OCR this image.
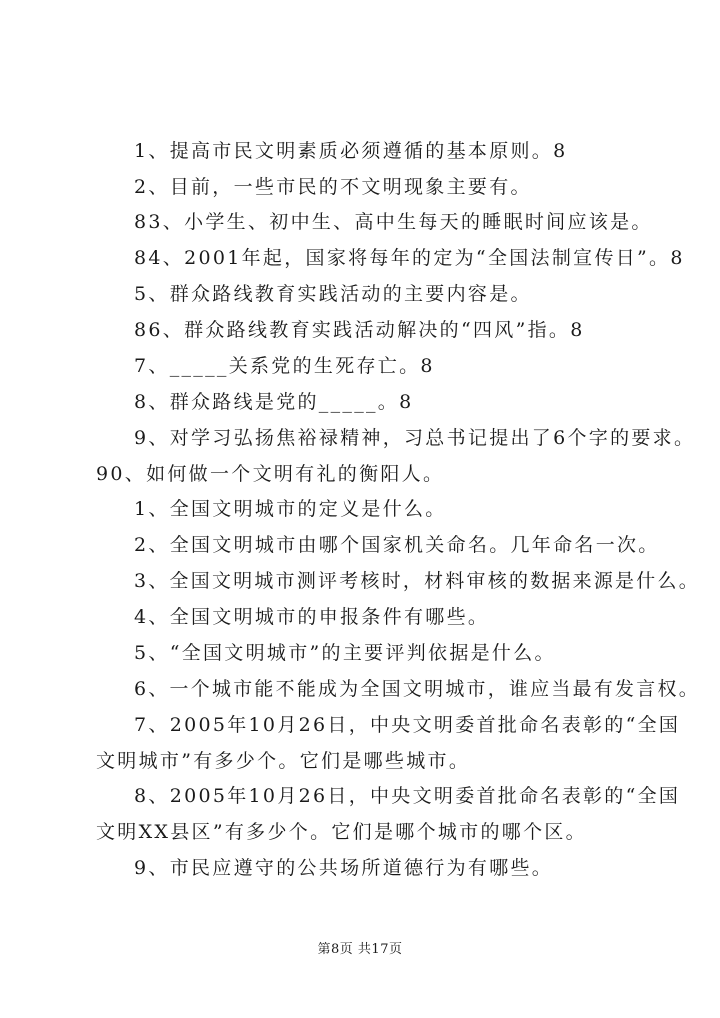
1、提高市民文明素质必须遵循的基本原则。8
2、目前，一些市民的不文明现象主要有。
83、小学生、初中生、高中生每天的睡眠时间应该是。
84、2001年起，国家将每年的定为“全国法制宣传日”。8
5、群众路线教育实践活动的主要内容是。
86、群众路线教育实践活动解决的“四风”指。8
7、_____关系党的生死存亡。8
8、群众路线是党的_____。8
9、对学习弘扬焦裕禄精神，习总书记提出了6个字的要求。
90、如何做一个文明有礼的衡阳人。
1、全国文明城市的定义是什么。
2、全国文明城市由哪个国家机关命名。几年命名一次。
3、全国文明城市测评考核时，材料审核的数据来源是什么。
4、全国文明城市的申报条件有哪些。
5、“全国文明城市”的主要评判依据是什么。
6、一个城市能不能成为全国文明城市，谁应当最有发言权。
7、2005年10月26日，中央文明委首批命名表彰的“全国
文明城市”有多少个。它们是哪些城市。
8、2005年10月26日，中央文明委首批命名表彰的“全国
文明XX县区”有多少个。它们是哪个城市的哪个区。
9、市民应遵守的公共场所道德行为有哪些。
第8页 共17页
